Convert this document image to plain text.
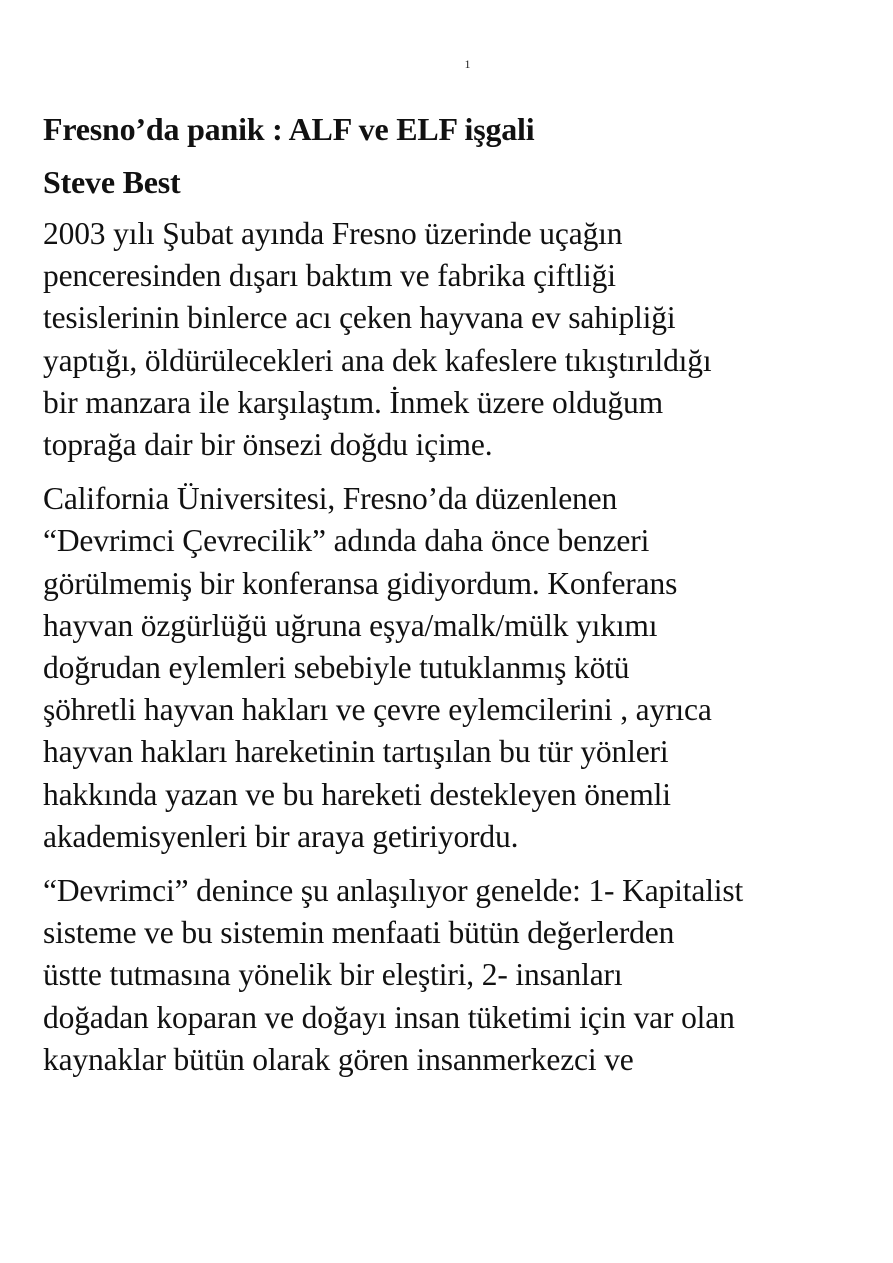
1
Fresno’da panik : ALF ve ELF işgali
Steve Best
2003 yılı Şubat ayında Fresno üzerinde uçağın
penceresinden dışarı baktım ve fabrika çiftliği
tesislerinin binlerce acı çeken hayvana ev sahipliği
yaptığı, öldürülecekleri ana dek kafeslere tıkıştırıldığı
bir manzara ile karşılaştım. İnmek üzere olduğum
toprağa dair bir önsezi doğdu içime.
California Üniversitesi, Fresno’da düzenlenen
“Devrimci Çevrecilik” adında daha önce benzeri
görülmemiş bir konferansa gidiyordum. Konferans
hayvan özgürlüğü uğruna eşya/malk/mülk yıkımı
doğrudan eylemleri sebebiyle tutuklanmış kötü
şöhretli hayvan hakları ve çevre eylemcilerini , ayrıca
hayvan hakları hareketinin tartışılan bu tür yönleri
hakkında yazan ve bu hareketi destekleyen önemli
akademisyenleri bir araya getiriyordu.
“Devrimci” denince şu anlaşılıyor genelde: 1- Kapitalist
sisteme ve bu sistemin menfaati bütün değerlerden
üstte tutmasına yönelik bir eleştiri, 2- insanları
doğadan koparan ve doğayı insan tüketimi için var olan
kaynaklar bütün olarak gören insanmerkezci ve
